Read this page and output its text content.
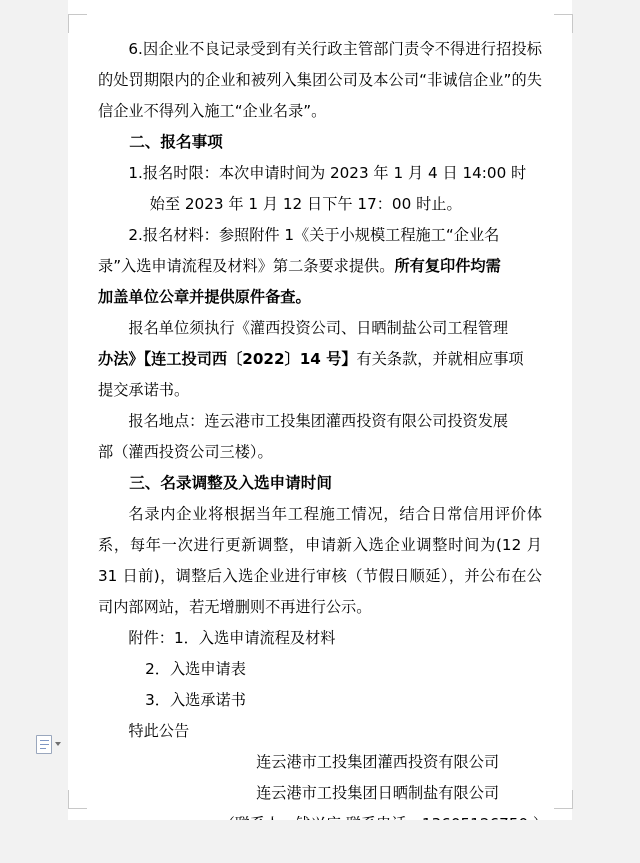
6.因企业不良记录受到有关行政主管部门责令不得进行招投标的处罚期限内的企业和被列入集团公司及本公司“非诚信企业”的失信企业不得列入施工“企业名录”。

二、报名事项

1.报名时限：本次申请时间为 2023 年 1 月 4 日 14:00 时

始至 2023 年 1 月 12 日下午 17：00 时止。

2.报名材料：参照附件 1《关于小规模工程施工“企业名

录”入选申请流程及材料》第二条要求提供。所有复印件均需

加盖单位公章并提供原件备查。

报名单位须执行《灌西投资公司、日晒制盐公司工程管理

办法》【连工投司西〔2022〕14 号】有关条款，并就相应事项

提交承诺书。

报名地点：连云港市工投集团灌西投资有限公司投资发展

部（灌西投资公司三楼）。

三、名录调整及入选申请时间

名录内企业将根据当年工程施工情况，结合日常信用评价体系，每年一次进行更新调整，申请新入选企业调整时间为(12 月 31 日前)，调整后入选企业进行审核（节假日顺延），并公布在公司内部网站，若无增删则不再进行公示。

附件：1．入选申请流程及材料

2．入选申请表

3．入选承诺书

特此公告

连云港市工投集团灌西投资有限公司

连云港市工投集团日晒制盐有限公司
